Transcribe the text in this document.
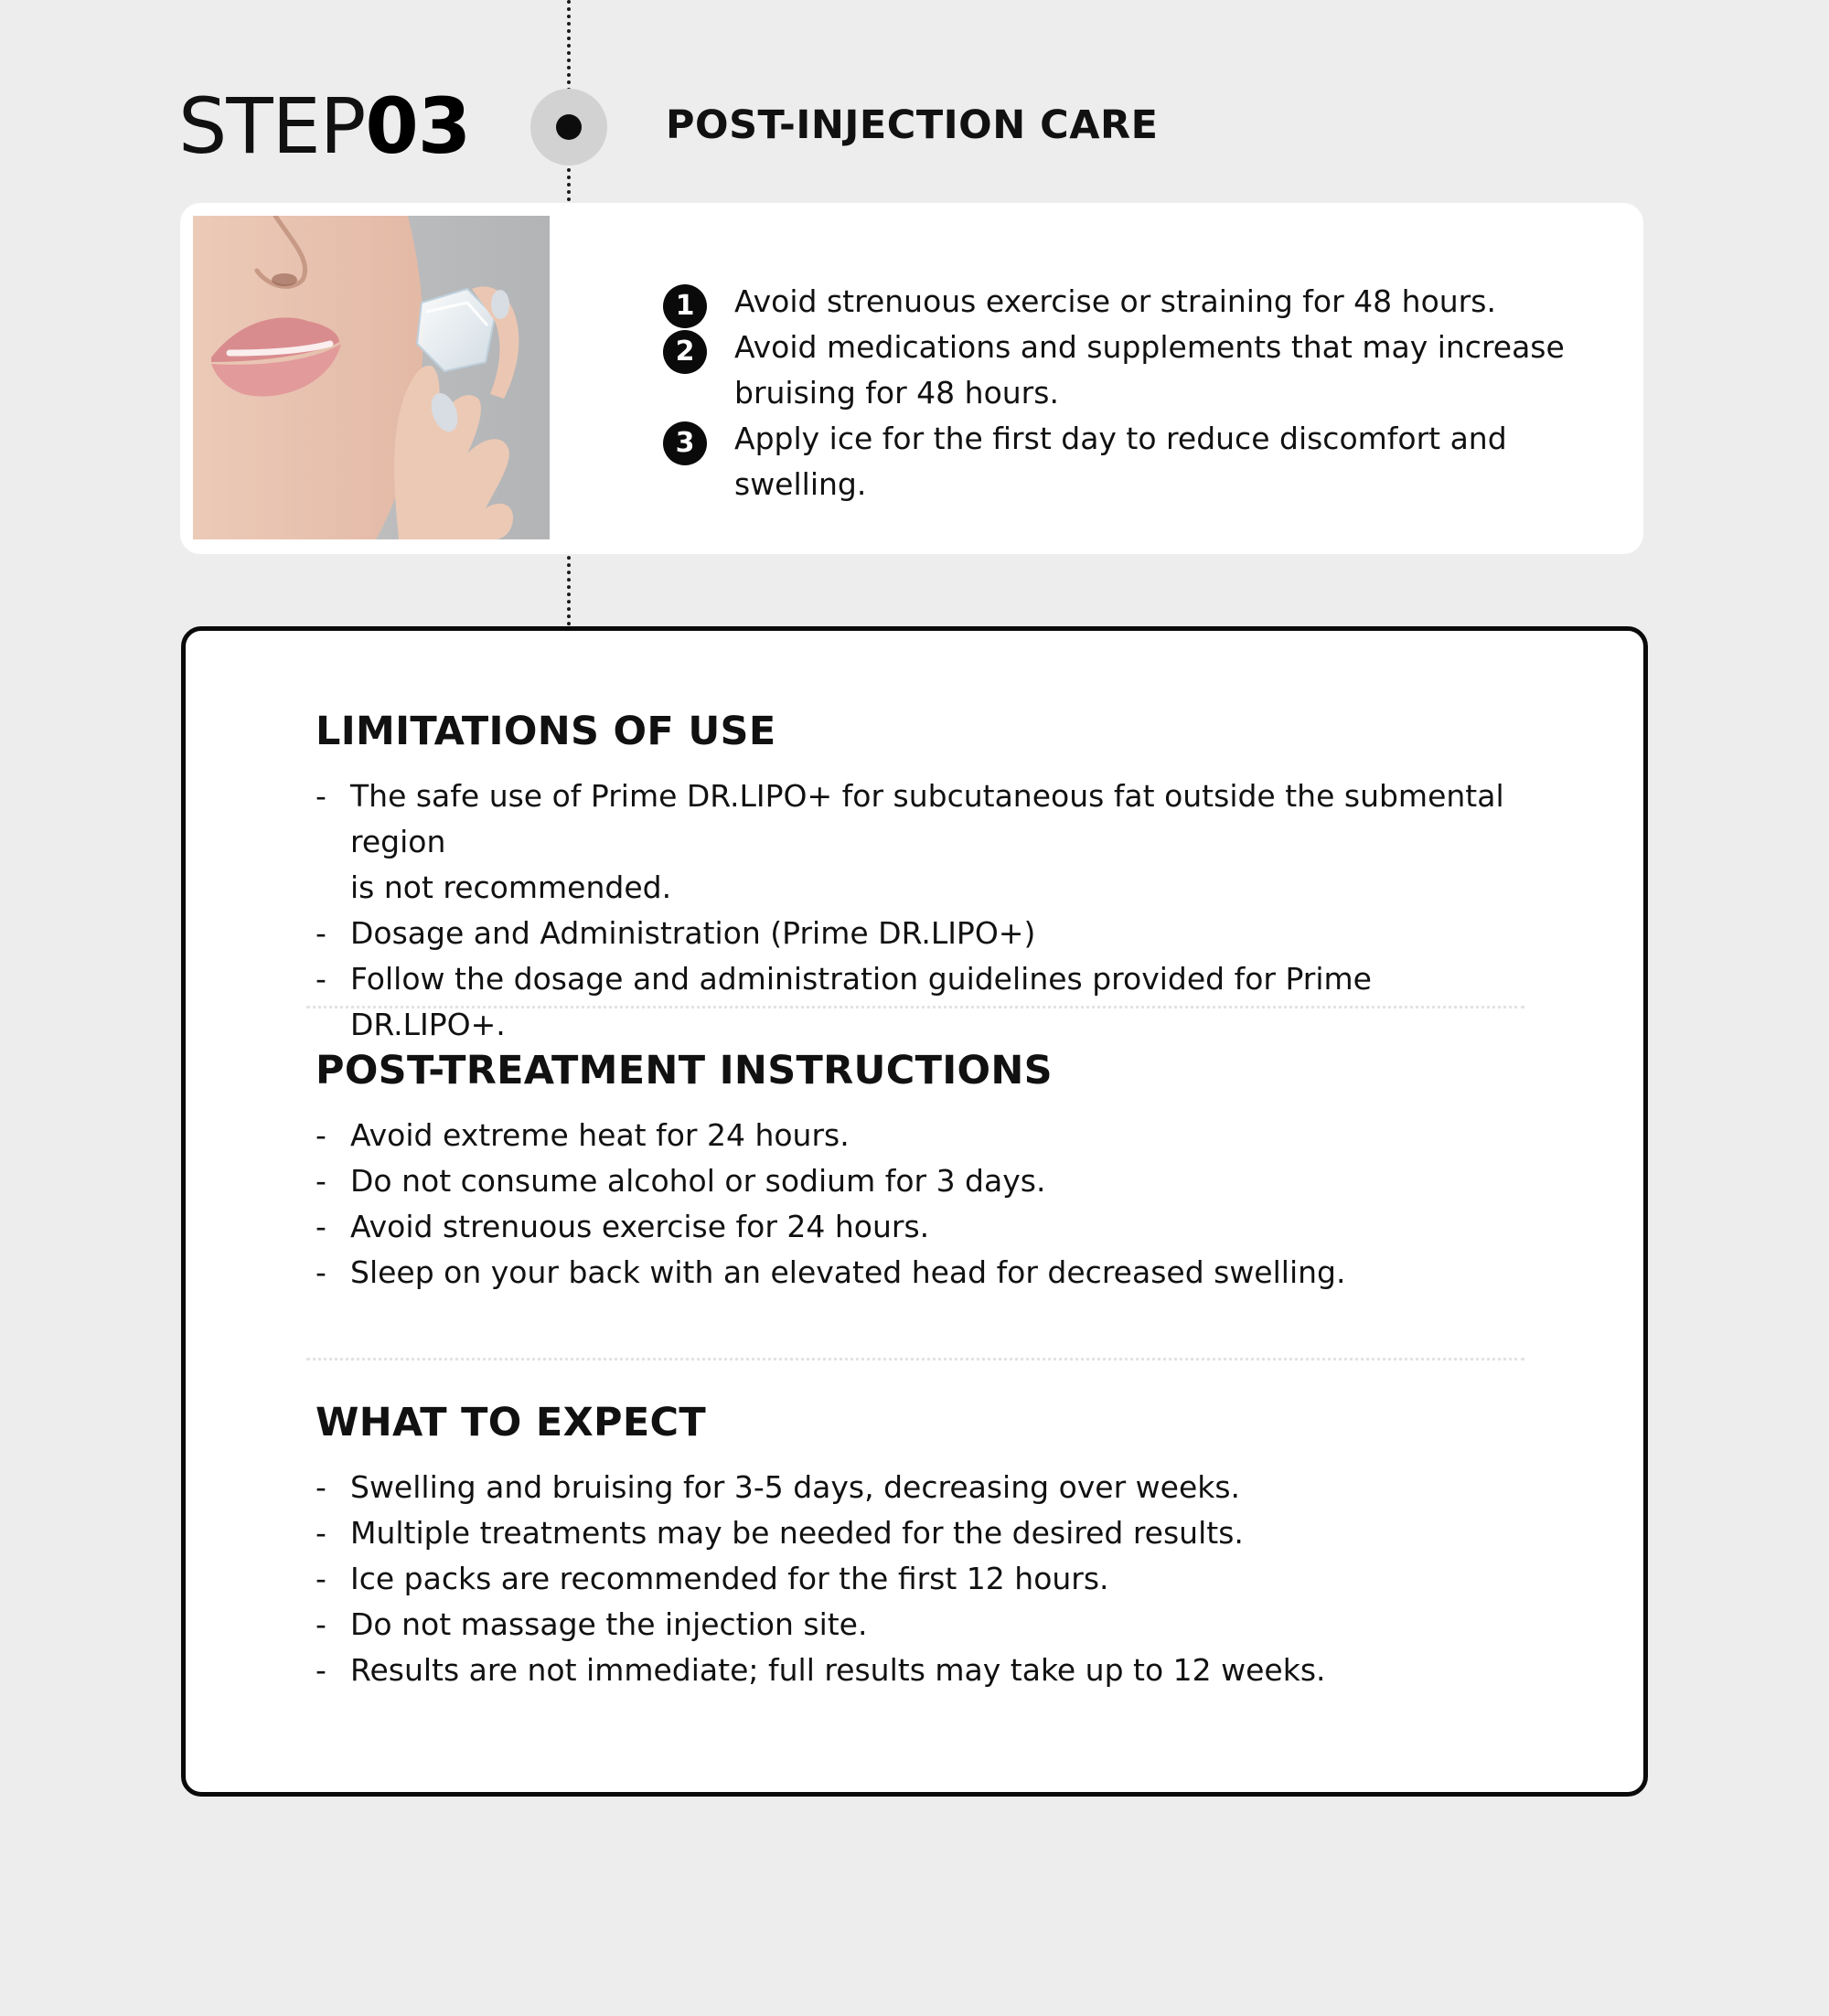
STEP03	POST-INJECTION CARE
1	Avoid strenuous exercise or straining for 48 hours.
2	Avoid medications and supplements that may increase
bruising for 48 hours.
3	Apply ice for the first day to reduce discomfort and swelling.
LIMITATIONS OF USE
- The safe use of Prime DR.LIPO+ for subcutaneous fat outside the submental region
is not recommended.
- Dosage and Administration (Prime DR.LIPO+)
- Follow the dosage and administration guidelines provided for Prime DR.LIPO+.
POST-TREATMENT INSTRUCTIONS
- Avoid extreme heat for 24 hours.
- Do not consume alcohol or sodium for 3 days.
- Avoid strenuous exercise for 24 hours.
- Sleep on your back with an elevated head for decreased swelling.
WHAT TO EXPECT
- Swelling and bruising for 3-5 days, decreasing over weeks.
- Multiple treatments may be needed for the desired results.
- Ice packs are recommended for the first 12 hours.
- Do not massage the injection site.
- Results are not immediate; full results may take up to 12 weeks.
